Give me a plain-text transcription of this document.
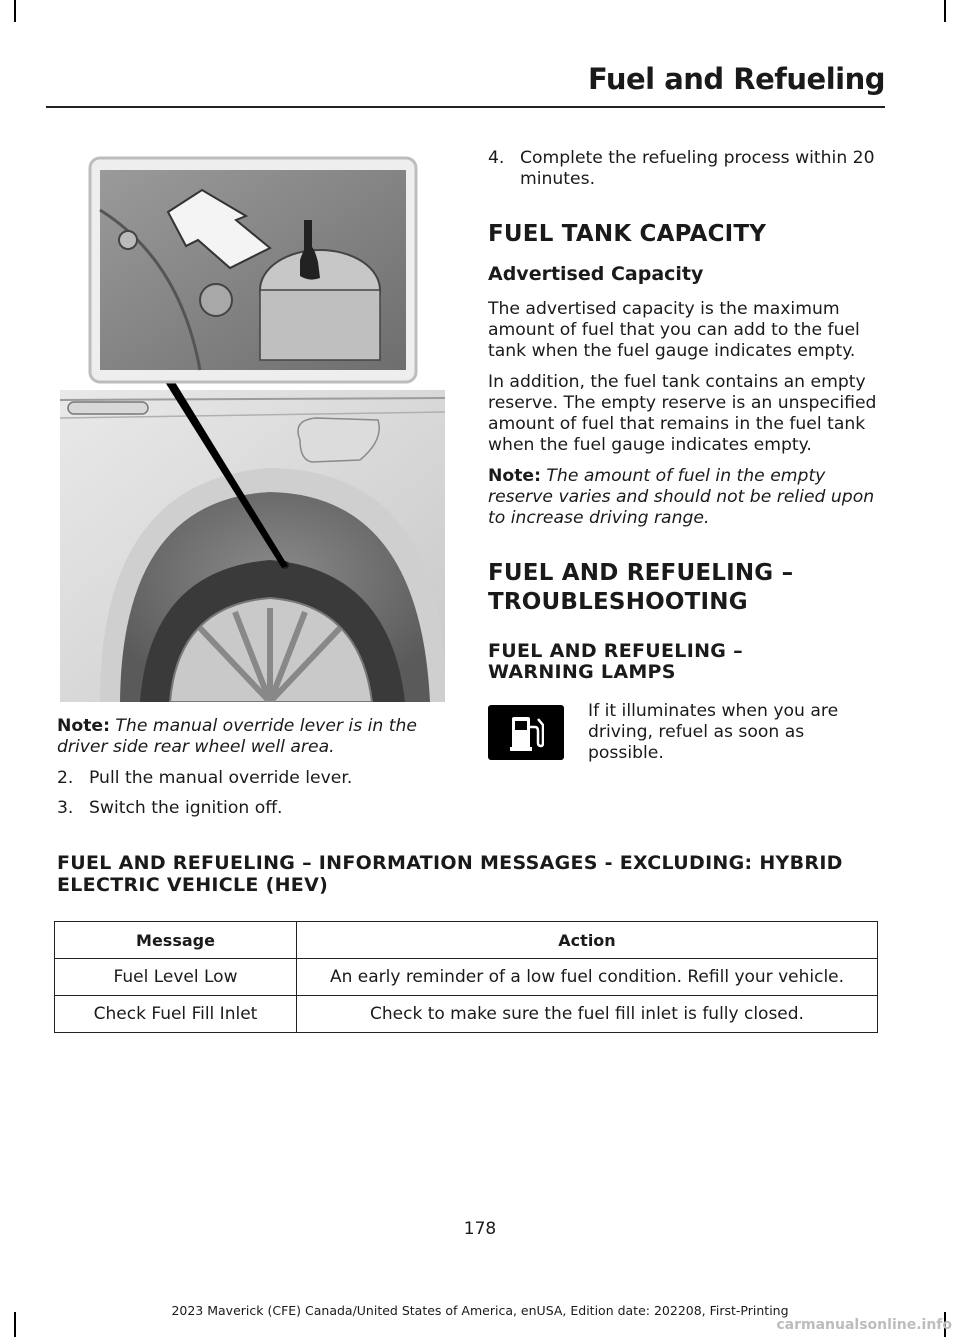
Fuel and Refueling

Note: The manual override lever is in the driver side rear wheel well area.

2. Pull the manual override lever.
3. Switch the ignition off.
4. Complete the refueling process within 20 minutes.
FUEL TANK CAPACITY
Advertised Capacity

The advertised capacity is the maximum amount of fuel that you can add to the fuel tank when the fuel gauge indicates empty.

In addition, the fuel tank contains an empty reserve. The empty reserve is an unspecified amount of fuel that remains in the fuel tank when the fuel gauge indicates empty.

Note: The amount of fuel in the empty reserve varies and should not be relied upon to increase driving range.

FUEL AND REFUELING –
TROUBLESHOOTING
FUEL AND REFUELING – WARNING LAMPS
If it illuminates when you are driving, refuel as soon as possible.
FUEL AND REFUELING – INFORMATION MESSAGES - EXCLUDING: HYBRID ELECTRIC VEHICLE (HEV)
Message	Action
Fuel Level Low	An early reminder of a low fuel condition. Refill your vehicle.
Check Fuel Fill Inlet	Check to make sure the fuel fill inlet is fully closed.
178
2023 Maverick (CFE) Canada/United States of America, enUSA, Edition date: 202208, First-Printing
carmanualsonline.info
